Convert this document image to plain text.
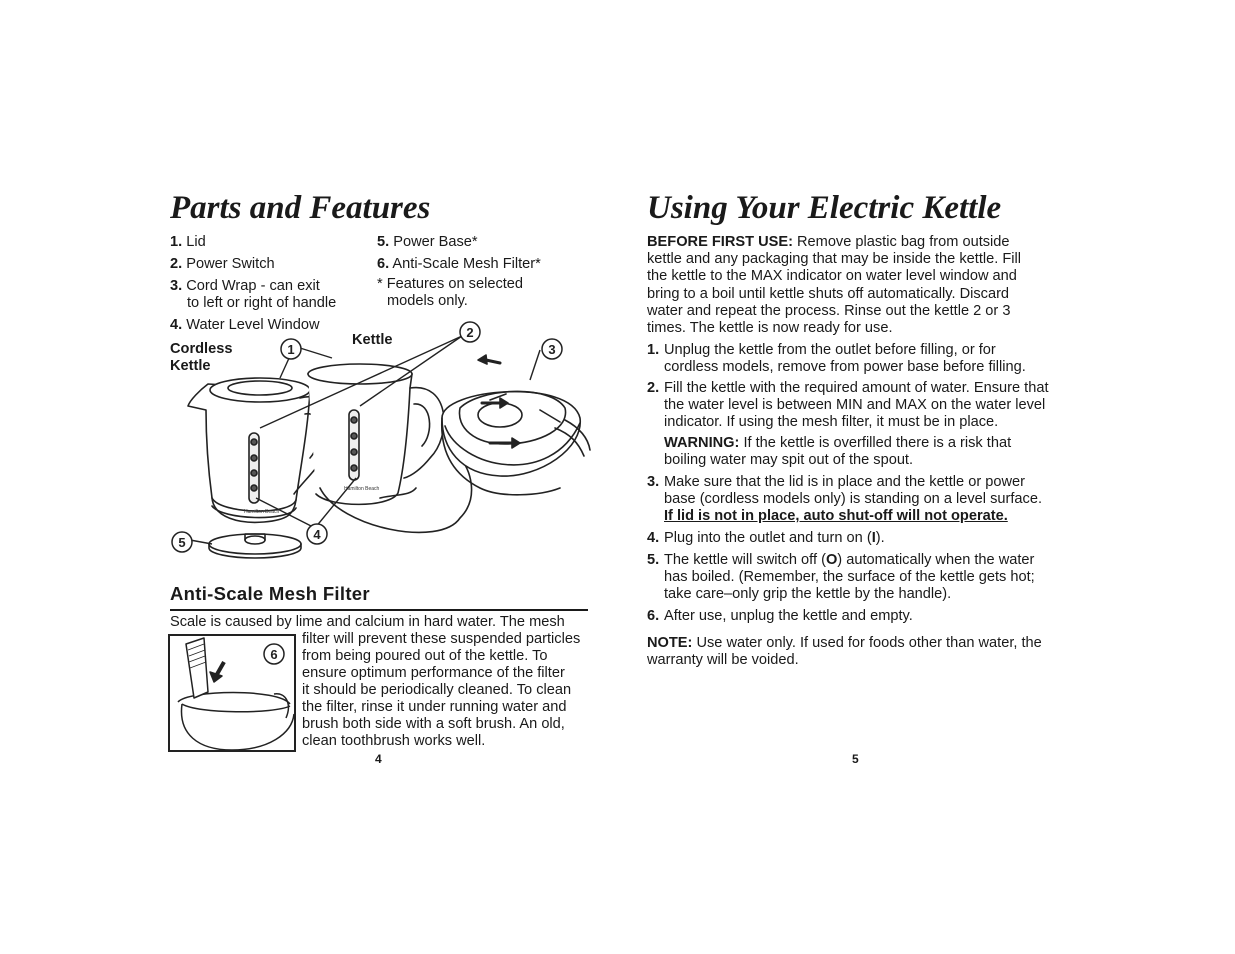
Parts and Features
1. Lid
2. Power Switch
3. Cord Wrap - can exit
to left or right of handle
4. Water Level Window
5. Power Base*
6. Anti-Scale Mesh Filter*
* Features on selected
models only.
Cordless
Kettle
Kettle
Hamilton Beach
Hamilton Beach
1
2
3
4
5
Anti-Scale Mesh Filter
Scale is caused by lime and calcium in hard water. The mesh
6
filter will prevent these suspended particles
from being poured out of the kettle. To
ensure optimum performance of the filter
it should be periodically cleaned. To clean
the filter, rinse it under running water and
brush both side with a soft brush. An old,
clean toothbrush works well.
4
Using Your Electric Kettle
BEFORE FIRST USE: Remove plastic bag from outside
kettle and any packaging that may be inside the kettle. Fill
the kettle to the MAX indicator on water level window and
bring to a boil until kettle shuts off automatically. Discard
water and repeat the process. Rinse out the kettle 2 or 3
times. The kettle is now ready for use.
1. Unplug the kettle from the outlet before filling, or for
cordless models, remove from power base before filling.
2. Fill the kettle with the required amount of water. Ensure that
the water level is between MIN and MAX on the water level
indicator. If using the mesh filter, it must be in place.
WARNING: If the kettle is overfilled there is a risk that
boiling water may spit out of the spout.
3. Make sure that the lid is in place and the kettle or power
base (cordless models only) is standing on a level surface.
If lid is not in place, auto shut-off will not operate.
4. Plug into the outlet and turn on (I).
5. The kettle will switch off (O) automatically when the water
has boiled. (Remember, the surface of the kettle gets hot;
take care–only grip the kettle by the handle).
6. After use, unplug the kettle and empty.
NOTE: Use water only. If used for foods other than water, the
warranty will be voided.
5
